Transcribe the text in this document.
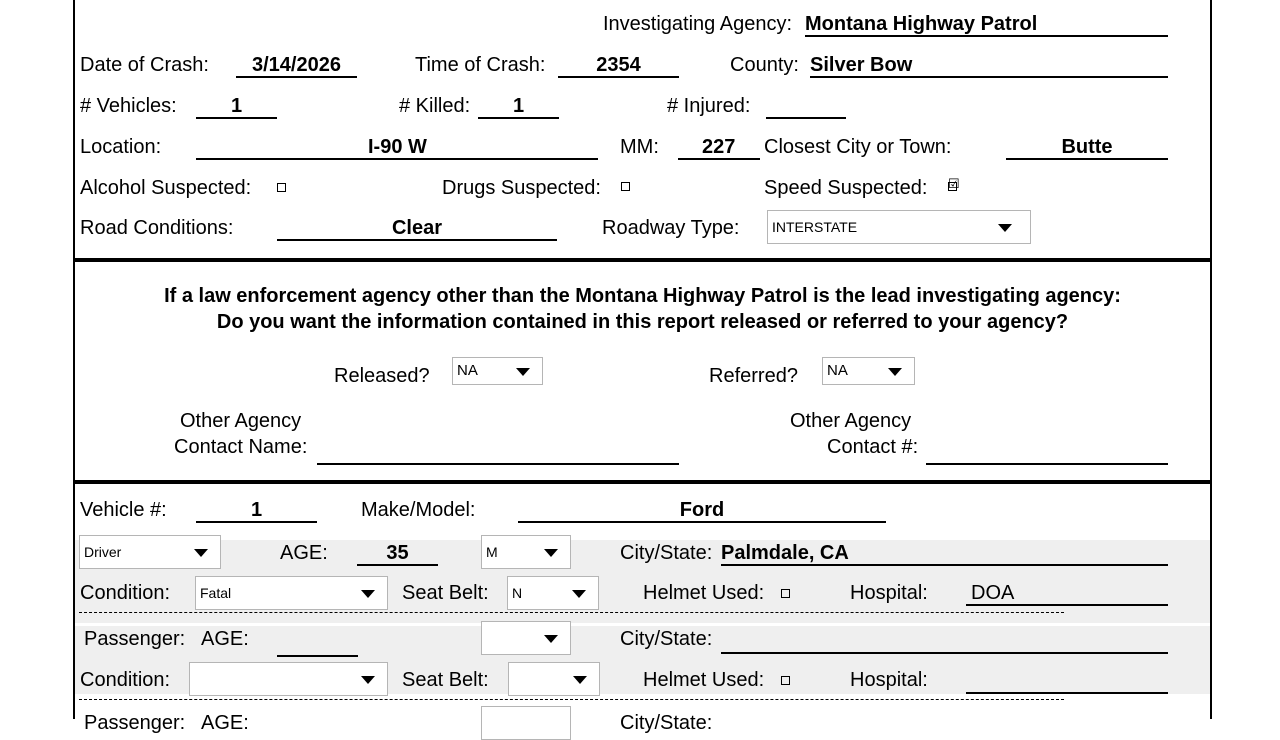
Investigating Agency: Montana Highway Patrol
Date of Crash:	3/14/2026	Time of Crash:	2354	County: Silver Bow
# Vehicles:	1	# Killed:	1	# Injured:
Location:	I-90 W	MM:	227	Closest City or Town:	Butte
Alcohol Suspected:	Drugs Suspected:	Speed Suspected: ☑
Road Conditions:	Clear	Roadway Type: INTERSTATE
If a law enforcement agency other than the Montana Highway Patrol is the lead investigating agency:
Do you want the information contained in this report released or referred to your agency?
Released? NA	Referred? NA
Other Agency
Contact Name:
Other Agency
Contact #:
Vehicle #:	1	Make/Model:	Ford
Driver	AGE:	35	M	City/State: Palmdale, CA
Condition: Fatal	Seat Belt: N	Helmet Used:	Hospital: DOA
Passenger: AGE:	City/State:
Condition:	Seat Belt:	Helmet Used:	Hospital:
Passenger: AGE:	City/State:
